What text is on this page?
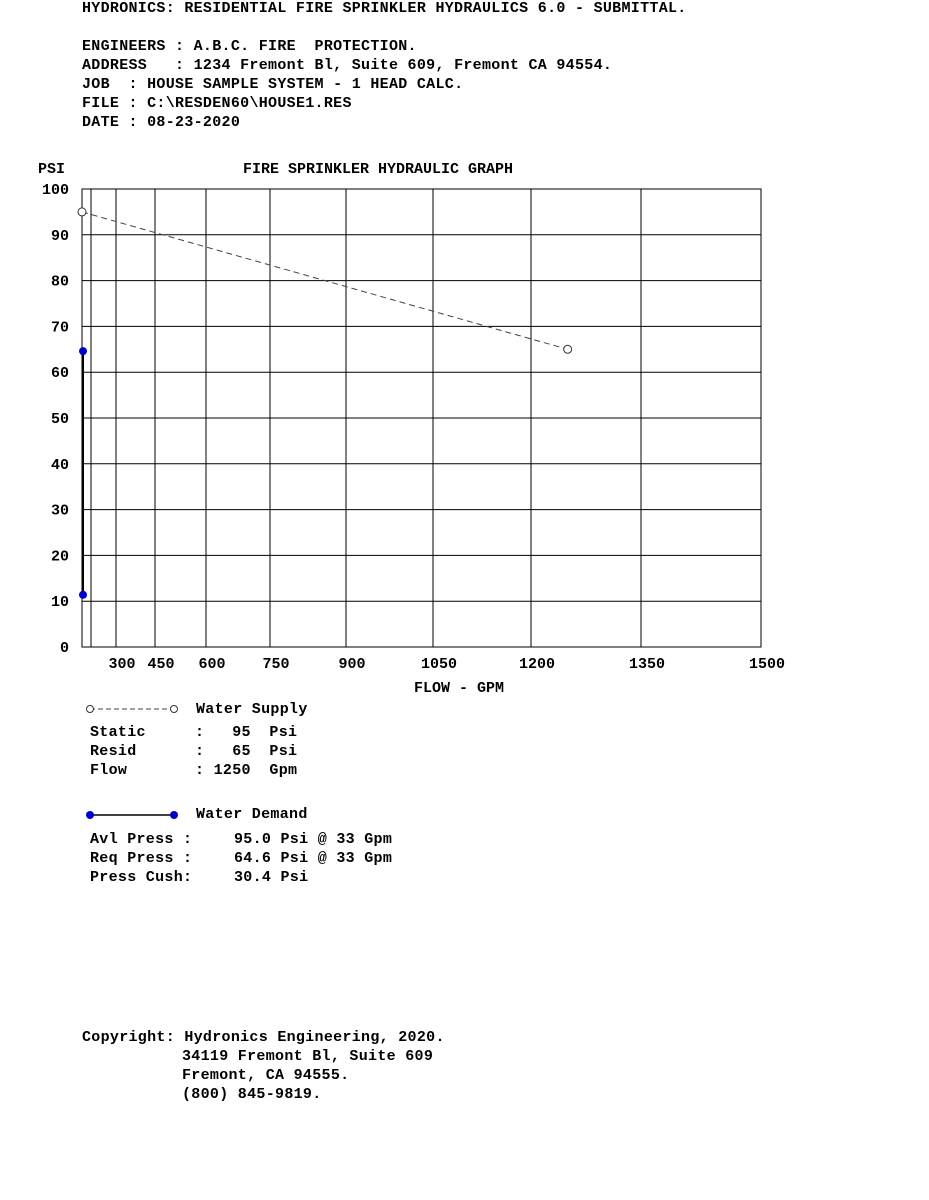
HYDRONICS: RESIDENTIAL FIRE SPRINKLER HYDRAULICS 6.0 - SUBMITTAL.
ENGINEERS : A.B.C. FIRE  PROTECTION.
ADDRESS   : 1234 Fremont Bl, Suite 609, Fremont CA 94554.
JOB  : HOUSE SAMPLE SYSTEM - 1 HEAD CALC.
FILE : C:\RESDEN60\HOUSE1.RES
DATE : 08-23-2020
PSI	FIRE SPRINKLER HYDRAULIC GRAPH
FLOW - GPM
0
10
20
30
40
50
60
70
80
90
100
300 450 600 750	900	1050	1200	1350	1500
Water Supply
Static	:   95  Psi
Resid	:   65  Psi
Flow	: 1250  Gpm
Water Demand
Avl Press :	95.0 Psi @ 33 Gpm
Req Press :	64.6 Psi @ 33 Gpm
Press Cush:	30.4 Psi
Copyright: Hydronics Engineering, 2020.
34119 Fremont Bl, Suite 609
Fremont, CA 94555.
(800) 845-9819.
